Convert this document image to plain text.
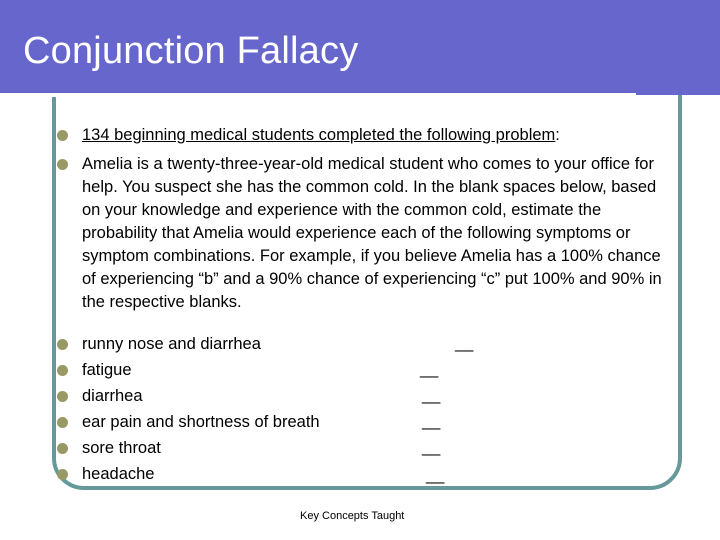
Conjunction Fallacy

134 beginning medical students completed the following problem:

Amelia is a twenty-three-year-old medical student who comes to your office for help. You suspect she has the common cold. In the blank spaces below, based on your knowledge and experience with the common cold, estimate the probability that Amelia would experience each of the following symptoms or symptom combinations. For example, if you believe Amelia has a 100% chance of experiencing “b” and a 90% chance of experiencing “c” put 100% and 90% in the respective blanks.

runny nose and diarrhea	__
fatigue	__
diarrhea	__
ear pain and shortness of breath	__
sore throat	__
headache	__
Key Concepts Taught
